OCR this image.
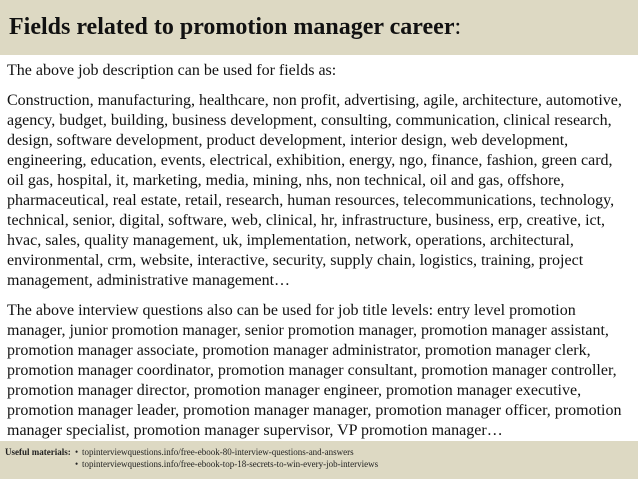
Fields related to promotion manager career:

The above job description can be used for fields as:

Construction, manufacturing, healthcare, non profit, advertising, agile, architecture, automotive, agency, budget, building, business development, consulting, communication, clinical research, design, software development, product development, interior design, web development, engineering, education, events, electrical, exhibition, energy, ngo, finance, fashion, green card, oil gas, hospital, it, marketing, media, mining, nhs, non technical, oil and gas, offshore, pharmaceutical, real estate, retail, research, human resources, telecommunications, technology, technical, senior, digital, software, web, clinical, hr, infrastructure, business, erp, creative, ict, hvac, sales, quality management, uk, implementation, network, operations, architectural, environmental, crm, website, interactive, security, supply chain, logistics, training, project management, administrative management…

The above interview questions also can be used for job title levels: entry level promotion manager, junior promotion manager, senior promotion manager, promotion manager assistant, promotion manager associate, promotion manager administrator, promotion manager clerk, promotion manager coordinator, promotion manager consultant, promotion manager controller, promotion manager director, promotion manager engineer, promotion manager executive, promotion manager leader, promotion manager manager, promotion manager officer, promotion manager specialist, promotion manager supervisor, VP promotion manager…

Useful materials: • topinterviewquestions.info/free-ebook-80-interview-questions-and-answers
• topinterviewquestions.info/free-ebook-top-18-secrets-to-win-every-job-interviews
